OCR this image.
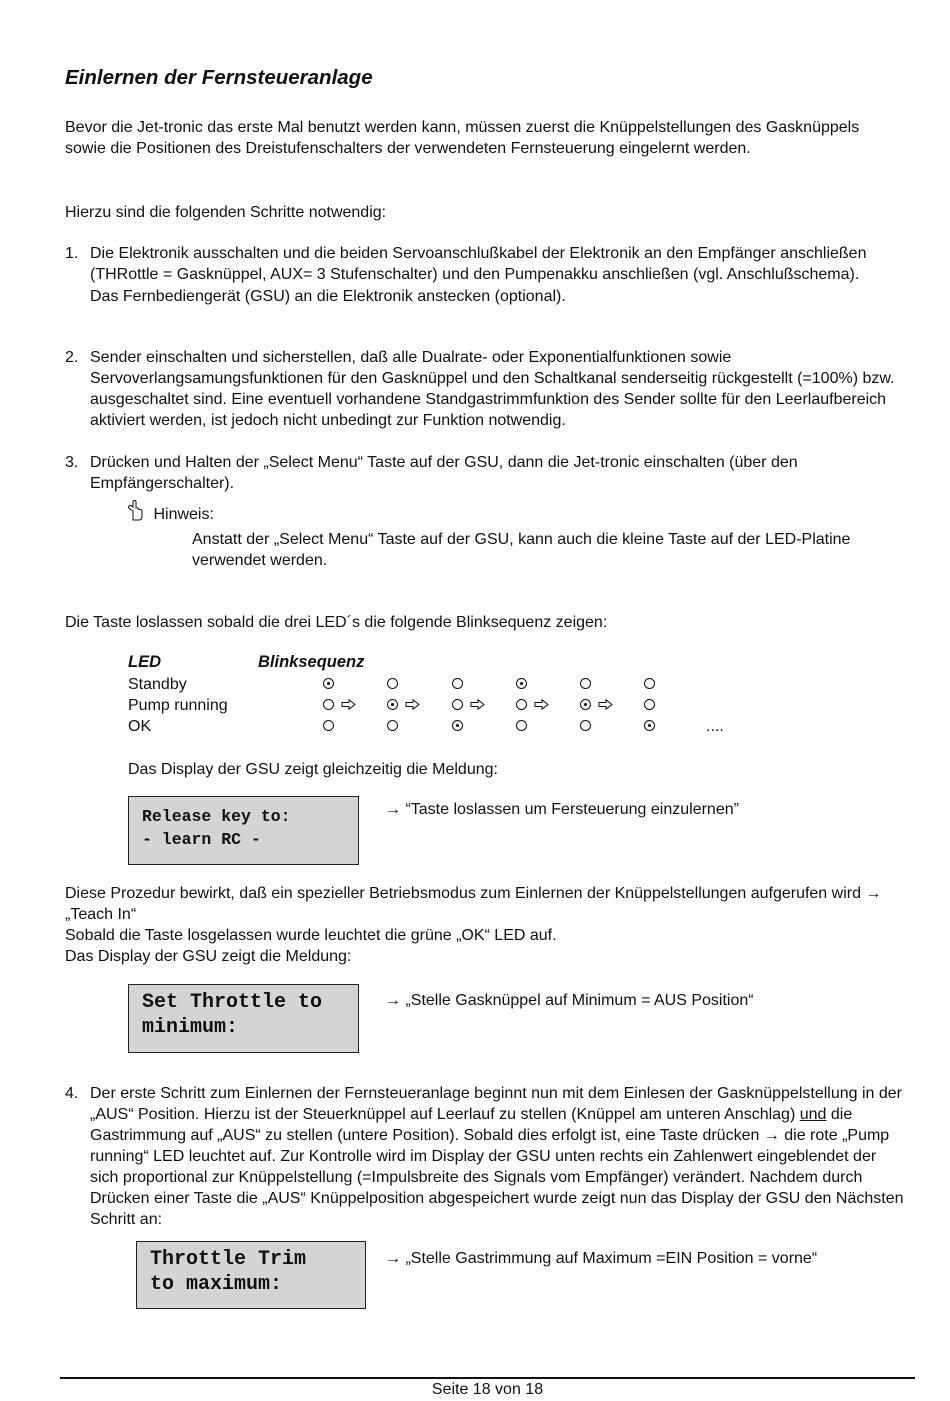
Einlernen der Fernsteueranlage

Bevor die Jet-tronic das erste Mal benutzt werden kann, müssen zuerst die Knüppelstellungen des Gasknüppels sowie die Positionen des Dreistufenschalters der verwendeten Fernsteuerung eingelernt werden.

Hierzu sind die folgenden Schritte notwendig:

1. Die Elektronik ausschalten und die beiden Servoanschlußkabel der Elektronik an den Empfänger anschließen (THRottle = Gasknüppel, AUX= 3 Stufenschalter) und den Pumpenakku anschließen (vgl. Anschlußschema).
Das Fernbediengerät (GSU) an die Elektronik anstecken (optional).
2. Sender einschalten und sicherstellen, daß alle Dualrate- oder Exponentialfunktionen sowie Servoverlangsamungsfunktionen für den Gasknüppel und den Schaltkanal senderseitig rückgestellt (=100%) bzw. ausgeschaltet sind. Eine eventuell vorhandene Standgastrimmfunktion des Sender sollte für den Leerlaufbereich aktiviert werden, ist jedoch nicht unbedingt zur Funktion notwendig.
3. Drücken und Halten der „Select Menu“ Taste auf der GSU, dann die Jet-tronic einschalten (über den Empfängerschalter).
Hinweis:
Anstatt der „Select Menu“ Taste auf der GSU, kann auch die kleine Taste auf der LED-Platine verwendet werden.

Die Taste loslassen sobald die drei LED´s die folgende Blinksequenz zeigen:

LED	Blinksequenz
Standby
Pump running
OK	....

Das Display der GSU zeigt gleichzeitig die Meldung:

Release key to:
- learn RC -
→ “Taste loslassen um Fersteuerung einzulernen”

Diese Prozedur bewirkt, daß ein spezieller Betriebsmodus zum Einlernen der Knüppelstellungen aufgerufen wird → „Teach In“

Sobald die Taste losgelassen wurde leuchtet die grüne „OK“ LED auf.

Das Display der GSU zeigt die Meldung:

Set Throttle to
minimum:
→ „Stelle Gasknüppel auf Minimum = AUS Position“
4. Der erste Schritt zum Einlernen der Fernsteueranlage beginnt nun mit dem Einlesen der Gasknüppelstellung in der „AUS“ Position. Hierzu ist der Steuerknüppel auf Leerlauf zu stellen (Knüppel am unteren Anschlag) und die Gastrimmung auf „AUS“ zu stellen (untere Position). Sobald dies erfolgt ist, eine Taste drücken → die rote „Pump running“ LED leuchtet auf. Zur Kontrolle wird im Display der GSU unten rechts ein Zahlenwert eingeblendet der sich proportional zur Knüppelstellung (=Impulsbreite des Signals vom Empfänger) verändert. Nachdem durch Drücken einer Taste die „AUS“ Knüppelposition abgespeichert wurde zeigt nun das Display der GSU den Nächsten Schritt an:
Throttle Trim
to maximum:
→ „Stelle Gastrimmung auf Maximum =EIN Position = vorne“
Seite 18 von 18
